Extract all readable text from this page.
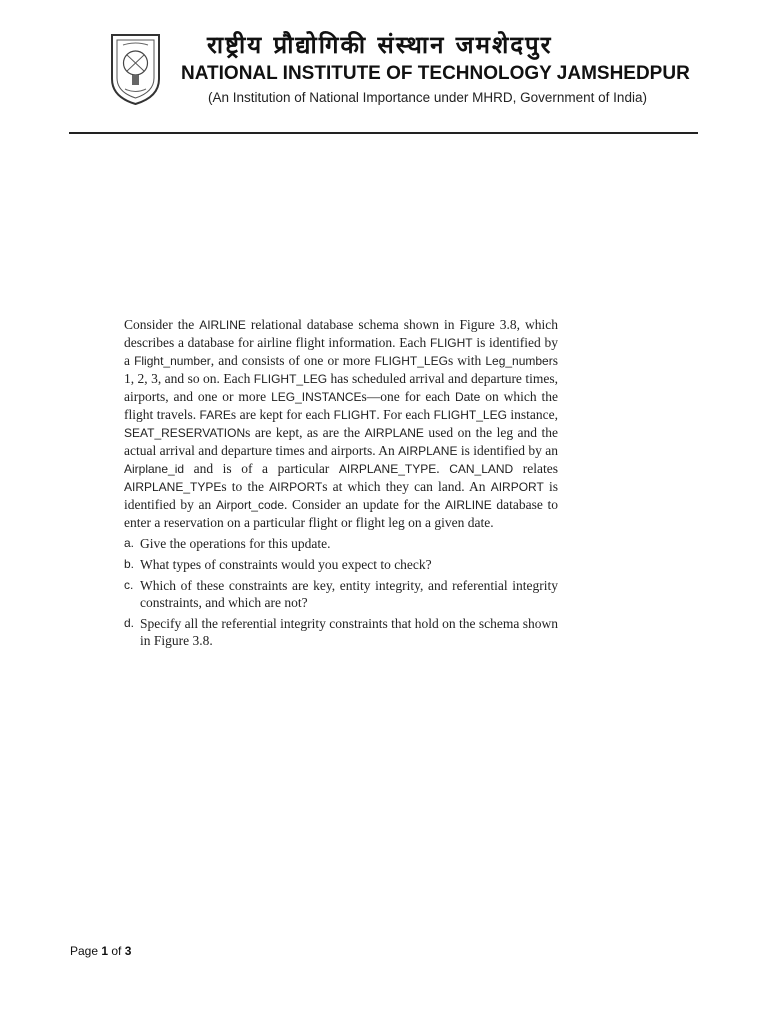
राष्ट्रीय प्रौद्योगिकी संस्थान जमशेदपुर
NATIONAL INSTITUTE OF TECHNOLOGY JAMSHEDPUR
(An Institution of National Importance under MHRD, Government of India)

Consider the AIRLINE relational database schema shown in Figure 3.8, which describes a database for airline flight information. Each FLIGHT is identified by a Flight_number, and consists of one or more FLIGHT_LEGs with Leg_numbers 1, 2, 3, and so on. Each FLIGHT_LEG has scheduled arrival and departure times, airports, and one or more LEG_INSTANCEs—one for each Date on which the flight travels. FAREs are kept for each FLIGHT. For each FLIGHT_LEG instance, SEAT_RESERVATIONs are kept, as are the AIRPLANE used on the leg and the actual arrival and departure times and airports. An AIRPLANE is identified by an Airplane_id and is of a particular AIRPLANE_TYPE. CAN_LAND relates AIRPLANE_TYPEs to the AIRPORTs at which they can land. An AIRPORT is identified by an Airport_code. Consider an update for the AIRLINE database to enter a reservation on a particular flight or flight leg on a given date.

a. Give the operations for this update.
b. What types of constraints would you expect to check?
c. Which of these constraints are key, entity integrity, and referential integrity constraints, and which are not?
d. Specify all the referential integrity constraints that hold on the schema shown in Figure 3.8.
Page 1 of 3
